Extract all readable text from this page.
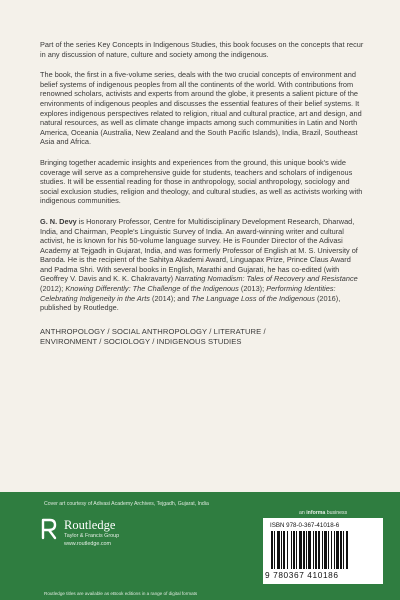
Part of the series Key Concepts in Indigenous Studies, this book focuses on the concepts that recur in any discussion of nature, culture and society among the indigenous.

The book, the first in a five-volume series, deals with the two crucial concepts of environment and belief systems of indigenous peoples from all the continents of the world. With contributions from renowned scholars, activists and experts from around the globe, it presents a salient picture of the environments of indigenous peoples and discusses the essential features of their belief systems. It explores indigenous perspectives related to religion, ritual and cultural practice, art and design, and natural resources, as well as climate change impacts among such communities in Latin and North America, Oceania (Australia, New Zealand and the South Pacific Islands), India, Brazil, Southeast Asia and Africa.

Bringing together academic insights and experiences from the ground, this unique book's wide coverage will serve as a comprehensive guide for students, teachers and scholars of indigenous studies. It will be essential reading for those in anthropology, social anthropology, sociology and social exclusion studies, religion and theology, and cultural studies, as well as activists working with indigenous communities.

G. N. Devy is Honorary Professor, Centre for Multidisciplinary Development Research, Dharwad, India, and Chairman, People's Linguistic Survey of India. An award-winning writer and cultural activist, he is known for his 50-volume language survey. He is Founder Director of the Adivasi Academy at Tejgadh in Gujarat, India, and was formerly Professor of English at M. S. University of Baroda. He is the recipient of the Sahitya Akademi Award, Linguapax Prize, Prince Claus Award and Padma Shri. With several books in English, Marathi and Gujarati, he has co-edited (with Geoffrey V. Davis and K. K. Chakravarty) Narrating Nomadism: Tales of Recovery and Resistance (2012); Knowing Differently: The Challenge of the Indigenous (2013); Performing Identities: Celebrating Indigeneity in the Arts (2014); and The Language Loss of the Indigenous (2016), published by Routledge.

ANTHROPOLOGY / SOCIAL ANTHROPOLOGY / LITERATURE /
ENVIRONMENT / SOCIOLOGY / INDIGENOUS STUDIES
Cover art courtesy of Adivasi Academy Archives, Tejgadh, Gujarat, India
Routledge
Taylor & Francis Group
www.routledge.com
an informa business
ISBN 978-0-367-41018-6
9 780367 410186
Routledge titles are available as eBook editions in a range of digital formats
